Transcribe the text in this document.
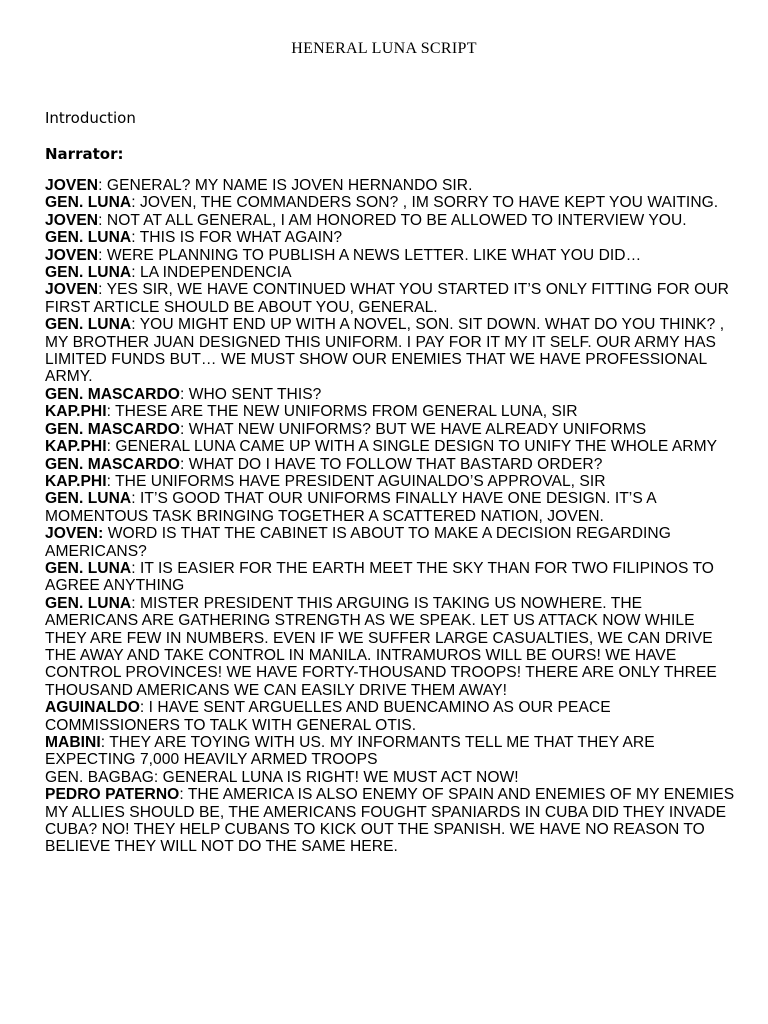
HENERAL LUNA SCRIPT
Introduction
Narrator:

JOVEN: GENERAL? MY NAME IS JOVEN HERNANDO SIR.

GEN. LUNA: JOVEN, THE COMMANDERS SON? , IM SORRY TO HAVE KEPT YOU WAITING.

JOVEN: NOT AT ALL GENERAL, I AM HONORED TO BE ALLOWED TO INTERVIEW YOU.

GEN. LUNA: THIS IS FOR WHAT AGAIN?

JOVEN: WERE PLANNING TO PUBLISH A NEWS LETTER. LIKE WHAT YOU DID…

GEN. LUNA: LA INDEPENDENCIA

JOVEN: YES SIR, WE HAVE CONTINUED WHAT YOU STARTED IT’S ONLY FITTING FOR OUR FIRST ARTICLE SHOULD BE ABOUT YOU, GENERAL.

GEN. LUNA: YOU MIGHT END UP WITH A NOVEL, SON. SIT DOWN. WHAT DO YOU THINK? , MY BROTHER JUAN DESIGNED THIS UNIFORM. I PAY FOR IT MY IT SELF. OUR ARMY HAS LIMITED FUNDS BUT… WE MUST SHOW OUR ENEMIES THAT WE HAVE PROFESSIONAL ARMY.

GEN. MASCARDO: WHO SENT THIS?

KAP.PHI: THESE ARE THE NEW UNIFORMS FROM GENERAL LUNA, SIR

GEN. MASCARDO: WHAT NEW UNIFORMS? BUT WE HAVE ALREADY UNIFORMS

KAP.PHI: GENERAL LUNA CAME UP WITH A SINGLE DESIGN TO UNIFY THE WHOLE ARMY

GEN. MASCARDO: WHAT DO I HAVE TO FOLLOW THAT BASTARD ORDER?

KAP.PHI: THE UNIFORMS HAVE PRESIDENT AGUINALDO’S APPROVAL, SIR

GEN. LUNA: IT’S GOOD THAT OUR UNIFORMS FINALLY HAVE ONE DESIGN. IT’S A MOMENTOUS TASK BRINGING TOGETHER A SCATTERED NATION, JOVEN.

JOVEN: WORD IS THAT THE CABINET IS ABOUT TO MAKE A DECISION REGARDING AMERICANS?

GEN. LUNA: IT IS EASIER FOR THE EARTH MEET THE SKY THAN FOR TWO FILIPINOS TO AGREE ANYTHING

GEN. LUNA: MISTER PRESIDENT THIS ARGUING IS TAKING US NOWHERE. THE AMERICANS ARE GATHERING STRENGTH AS WE SPEAK. LET US ATTACK NOW WHILE THEY ARE FEW IN NUMBERS. EVEN IF WE SUFFER LARGE CASUALTIES, WE CAN DRIVE THE AWAY AND TAKE CONTROL IN MANILA. INTRAMUROS WILL BE OURS! WE HAVE CONTROL PROVINCES! WE HAVE FORTY-THOUSAND TROOPS! THERE ARE ONLY THREE THOUSAND AMERICANS WE CAN EASILY DRIVE THEM AWAY!

AGUINALDO: I HAVE SENT ARGUELLES AND BUENCAMINO AS OUR PEACE COMMISSIONERS TO TALK WITH GENERAL OTIS.

MABINI: THEY ARE TOYING WITH US. MY INFORMANTS TELL ME THAT THEY ARE EXPECTING 7,000 HEAVILY ARMED TROOPS

GEN. BAGBAG: GENERAL LUNA IS RIGHT! WE MUST ACT NOW!

PEDRO PATERNO: THE AMERICA IS ALSO ENEMY OF SPAIN AND ENEMIES OF MY ENEMIES MY ALLIES SHOULD BE, THE AMERICANS FOUGHT SPANIARDS IN CUBA DID THEY INVADE CUBA? NO! THEY HELP CUBANS TO KICK OUT THE SPANISH. WE HAVE NO REASON TO BELIEVE THEY WILL NOT DO THE SAME HERE.
